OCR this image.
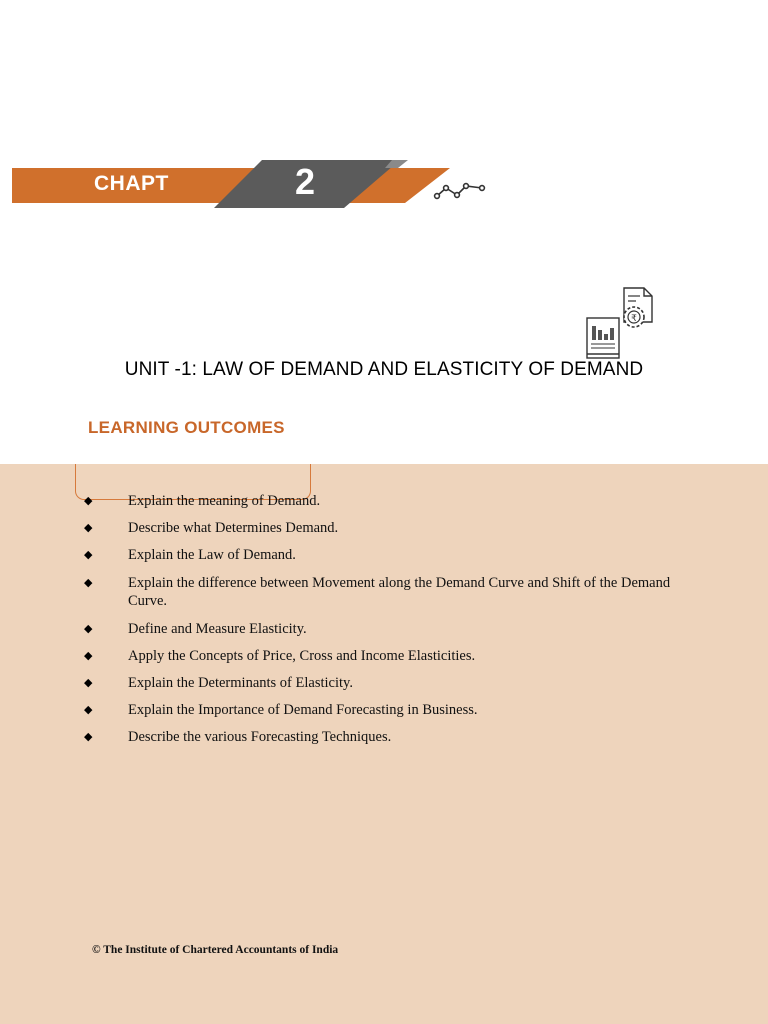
CHAPT	2
₹
UNIT -1: LAW OF DEMAND AND ELASTICITY OF DEMAND
LEARNING OUTCOMES
◆ Explain the meaning of Demand.
◆ Describe what Determines Demand.
◆ Explain the Law of Demand.
◆ Explain the difference between Movement along the Demand Curve and Shift of the Demand Curve.
◆ Define and Measure Elasticity.
◆ Apply the Concepts of Price, Cross and Income Elasticities.
◆ Explain the Determinants of Elasticity.
◆ Explain the Importance of Demand Forecasting in Business.
◆ Describe the various Forecasting Techniques.
© The Institute of Chartered Accountants of India
